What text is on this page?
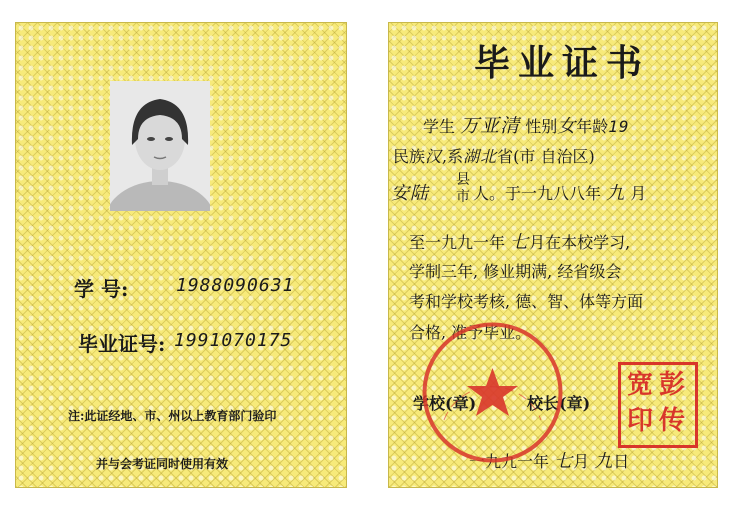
学 号:	1988090631
毕业证号: 1991070175
注:此证经地、市、州以上教育部门验印
并与会考证同时使用有效
毕业证书
学生 万亚清 性别女年龄19
民族汉,系湖北省(市 自治区)
安陆
县
市 人。于一九八八年 九 月
至一九九一年 七月在本校学习,
学制三年, 修业期满, 经省级会
考和学校考核, 德、智、体等方面
合格, 准予毕业。
学校(章)	校长(章)
一九九一年 七月 九日
彭
宽
传
印
